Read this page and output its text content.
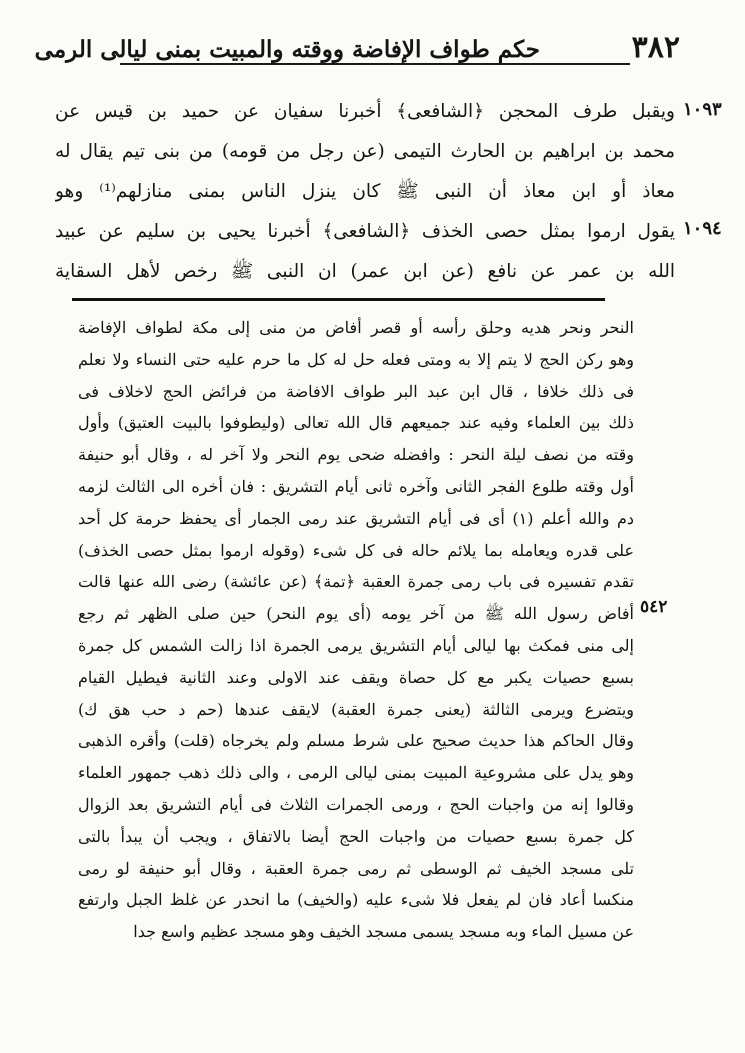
٣٨٢
حكم طواف الإفاضة ووقته والمبيت بمنى ليالى الرمى
ويقبل طرف المحجن ﴿الشافعى﴾ أخبرنا سفيان عن حميد بن قيس عن
محمد بن ابراهيم بن الحارث التيمى (عن رجل من قومه) من بنى تيم يقال له
معاذ أو ابن معاذ أن النبى ﷺ كان ينزل الناس بمنى منازلهم⁽¹⁾ وهو
يقول ارموا بمثل حصى الخذف ﴿الشافعى﴾ أخبرنا يحيى بن سليم عن عبيد
الله بن عمر عن نافع (عن ابن عمر) ان النبى ﷺ رخص لأهل السقاية
١٠٩٣
١٠٩٤
النحر ونحر هديه وحلق رأسه أو قصر أفاض من منى إلى مكة لطواف الإفاضة
وهو ركن الحج لا يتم إلا به ومتى فعله حل له كل ما حرم عليه حتى النساء ولا نعلم
فى ذلك خلافا ، قال ابن عبد البر طواف الافاضة من فرائض الحج لاخلاف فى
ذلك بين العلماء وفيه عند جميعهم قال الله تعالى (وليطوفوا بالبيت العتيق) وأول
وقته من نصف ليلة النحر : وافضله ضحى يوم النحر ولا آخر له ، وقال أبو حنيفة
أول وقته طلوع الفجر الثانى وآخره ثانى أيام التشريق : فان أخره الى الثالث لزمه
دم والله أعلم (١) أى فى أيام التشريق عند رمى الجمار أى يحفظ حرمة كل أحد
على قدره ويعامله بما يلائم حاله فى كل شىء (وقوله ارموا بمثل حصى الخذف)
تقدم تفسيره فى باب رمى جمرة العقبة ﴿تمة﴾ (عن عائشة) رضى الله عنها قالت
أفاض رسول الله ﷺ من آخر يومه (أى يوم النحر) حين صلى الظهر ثم رجع
إلى منى فمكث بها ليالى أيام التشريق يرمى الجمرة اذا زالت الشمس كل جمرة
بسبع حصيات يكبر مع كل حصاة ويقف عند الاولى وعند الثانية فيطيل القيام
ويتضرع ويرمى الثالثة (يعنى جمرة العقبة) لايقف عندها (حم د حب هق ك)
وقال الحاكم هذا حديث صحيح على شرط مسلم ولم يخرجاه (قلت) وأقره الذهبى
وهو يدل على مشروعية المبيت بمنى ليالى الرمى ، والى ذلك ذهب جمهور العلماء
وقالوا إنه من واجبات الحج ، ورمى الجمرات الثلاث فى أيام التشريق بعد الزوال
كل جمرة بسبع حصيات من واجبات الحج أيضا بالاتفاق ، ويجب أن يبدأ بالتى
تلى مسجد الخيف ثم الوسطى ثم رمى جمرة العقبة ، وقال أبو حنيفة لو رمى
منكسا أعاد فان لم يفعل فلا شىء عليه (والخيف) ما انحدر عن غلظ الجبل وارتفع
عن مسيل الماء وبه مسجد يسمى مسجد الخيف وهو مسجد عظيم واسع جدا
٥٤٢
